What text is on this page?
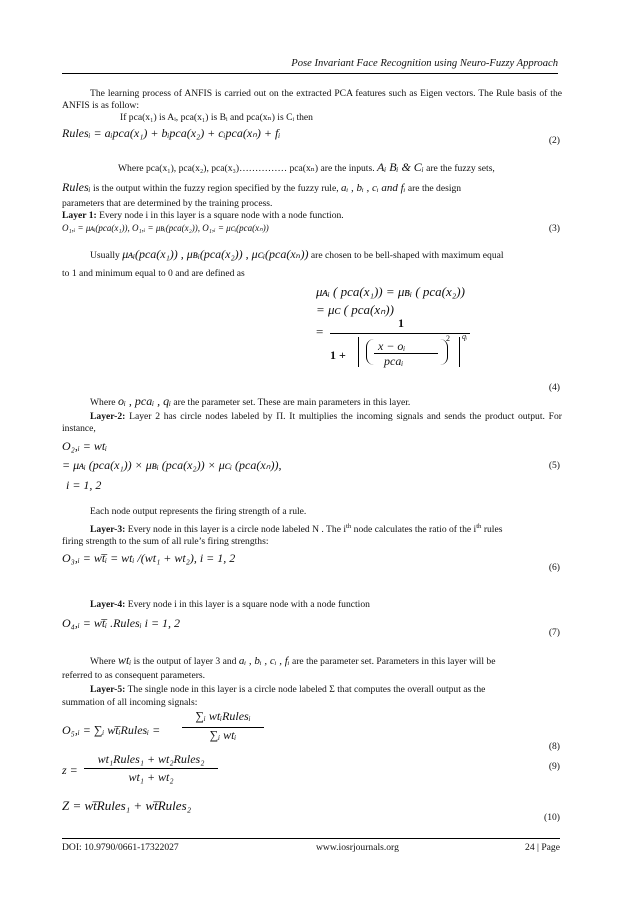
Pose Invariant Face Recognition using Neuro-Fuzzy Approach
The learning process of ANFIS is carried out on the extracted PCA features such as Eigen vectors. The Rule basis of the ANFIS is as follow:
If pca(x₁) is Aᵢ, pca(x₁) is Bᵢ and pca(xₙ) is Cᵢ then
Rulesᵢ = aᵢpca(x₁) + bᵢpca(x₂) + cᵢpca(xₙ) + fᵢ
(2)
Where pca(x₁), pca(x₂), pca(x₃)…………… pca(xₙ) are the inputs. Aᵢ Bᵢ & Cᵢ are the fuzzy sets,
Rulesᵢ is the output within the fuzzy region specified by the fuzzy rule, aᵢ , bᵢ , cᵢ and fᵢ are the design
parameters that are determined by the training process.
Layer 1: Every node i in this layer is a square node with a node function.
O₁,ᵢ = μᴀᵢ(pca(x₁)), O₁,ᵢ = μʙᵢ(pca(x₂)), O₁,ᵢ = μᴄᵢ(pca(xₙ))	(3)
Usually μᴀᵢ(pca(x₁)) , μʙᵢ(pca(x₂)) , μᴄᵢ(pca(xₙ)) are chosen to be bell-shaped with maximum equal
to 1 and minimum equal to 0 and are defined as
μᴀᵢ ( pca(x₁)) = μʙᵢ ( pca(x₂))
= μᴄ ( pca(xₙ))
=
1
1 +
x − oᵢ
pcaᵢ
2 qᵢ
(4)
Where oᵢ , pcaᵢ , qᵢ are the parameter set. These are main parameters in this layer.
Layer-2: Layer 2 has circle nodes labeled by Π. It multiplies the incoming signals and sends the product output. For instance,
O₂,ᵢ = wtᵢ
= μᴀᵢ (pca(x₁)) × μʙᵢ (pca(x₂)) × μᴄᵢ (pca(xₙ)),
i = 1, 2
(5)
Each node output represents the firing strength of a rule.
Layer-3: Every node in this layer is a circle node labeled N . The $i^{th}$ node calculates the ratio of the $i^{th}$ rules
firing strength to the sum of all rule’s firing strengths:
O₃,ᵢ = wt̅ᵢ = wtᵢ /(wt₁ + wt₂), i = 1, 2
(6)
Layer-4: Every node i in this layer is a square node with a node function
O₄,ᵢ = wt̅ᵢ .Rulesᵢ i = 1, 2
(7)
Where wtᵢ is the output of layer 3 and aᵢ , bᵢ , cᵢ , fᵢ are the parameter set. Parameters in this layer will be
referred to as consequent parameters.
Layer-5: The single node in this layer is a circle node labeled Σ that computes the overall output as the
summation of all incoming signals:
O₅,ᵢ = ∑ᵢ wt̅ᵢRulesᵢ =
∑ᵢ wtᵢRulesᵢ
∑ᵢ wtᵢ
(8)
z =
wt₁Rules₁ + wt₂Rules₂
wt₁ + wt₂
(9)
Z = wt̅Rules₁ + wt̅Rules₂
(10)
DOI: 10.9790/0661-17322027	www.iosrjournals.org	24 | Page
